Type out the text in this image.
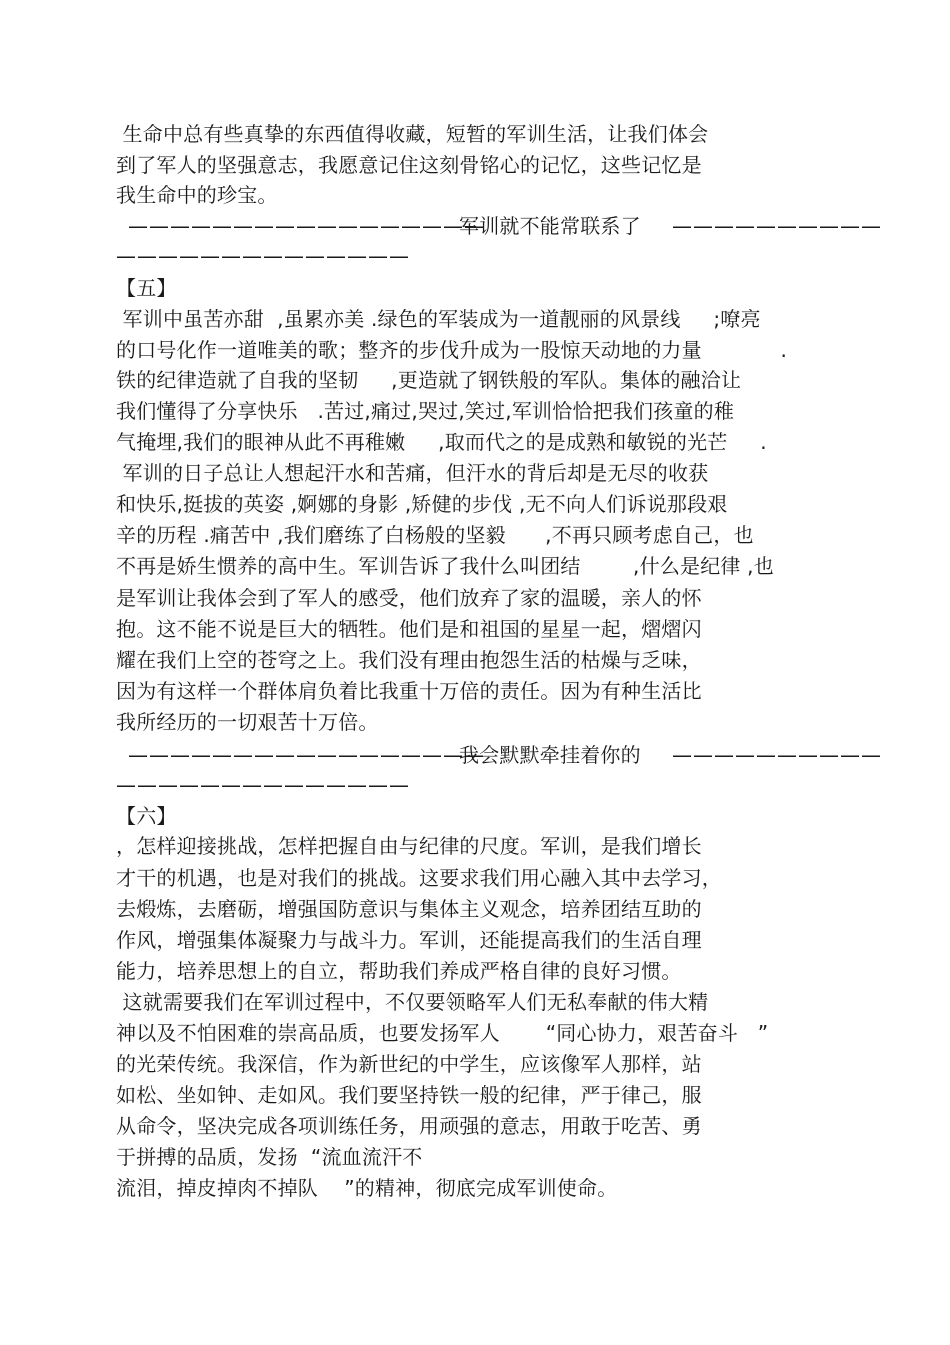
生命中总有些真挚的东西值得收藏，短暂的军训生活，让我们体会
到了军人的坚强意志，我愿意记住这刻骨铭心的记忆，这些记忆是
我生命中的珍宝。
—————————————————
军训就不能常联系了 ——————————
——————————————
【五】
军训中虽苦亦甜  ,虽累亦美 .绿色的军装成为一道靓丽的风景线     ;嘹亮
的口号化作一道唯美的歌；整齐的步伐升成为一股惊天动地的力量            .
铁的纪律造就了自我的坚韧     ,更造就了钢铁般的军队。集体的融洽让
我们懂得了分享快乐   .苦过,痛过,哭过,笑过,军训恰恰把我们孩童的稚
气掩埋,我们的眼神从此不再稚嫩     ,取而代之的是成熟和敏锐的光芒     .
军训的日子总让人想起汗水和苦痛，但汗水的背后却是无尽的收获
和快乐,挺拔的英姿 ,婀娜的身影 ,矫健的步伐 ,无不向人们诉说那段艰
辛的历程 .痛苦中 ,我们磨练了白杨般的坚毅      ,不再只顾考虑自己，也
不再是娇生惯养的高中生。军训告诉了我什么叫团结        ,什么是纪律 ,也
是军训让我体会到了军人的感受，他们放弃了家的温暖，亲人的怀
抱。这不能不说是巨大的牺牲。他们是和祖国的星星一起，熠熠闪
耀在我们上空的苍穹之上。我们没有理由抱怨生活的枯燥与乏味，
因为有这样一个群体肩负着比我重十万倍的责任。因为有种生活比
我所经历的一切艰苦十万倍。
—————————————————
我会默默牵挂着你的 ——————————
——————————————
【六】
，怎样迎接挑战，怎样把握自由与纪律的尺度。军训，是我们增长
才干的机遇，也是对我们的挑战。这要求我们用心融入其中去学习，
去煅炼，去磨砺，增强国防意识与集体主义观念，培养团结互助的
作风，增强集体凝聚力与战斗力。军训，还能提高我们的生活自理
能力，培养思想上的自立，帮助我们养成严格自律的良好习惯。
这就需要我们在军训过程中，不仅要领略军人们无私奉献的伟大精
神以及不怕困难的崇高品质，也要发扬军人       “同心协力，艰苦奋斗   ”
的光荣传统。我深信，作为新世纪的中学生，应该像军人那样，站
如松、坐如钟、走如风。我们要坚持铁一般的纪律，严于律己，服
从命令，坚决完成各项训练任务，用顽强的意志，用敢于吃苦、勇
于拼搏的品质，发扬  “流血流汗不
流泪，掉皮掉肉不掉队    ”的精神，彻底完成军训使命。
